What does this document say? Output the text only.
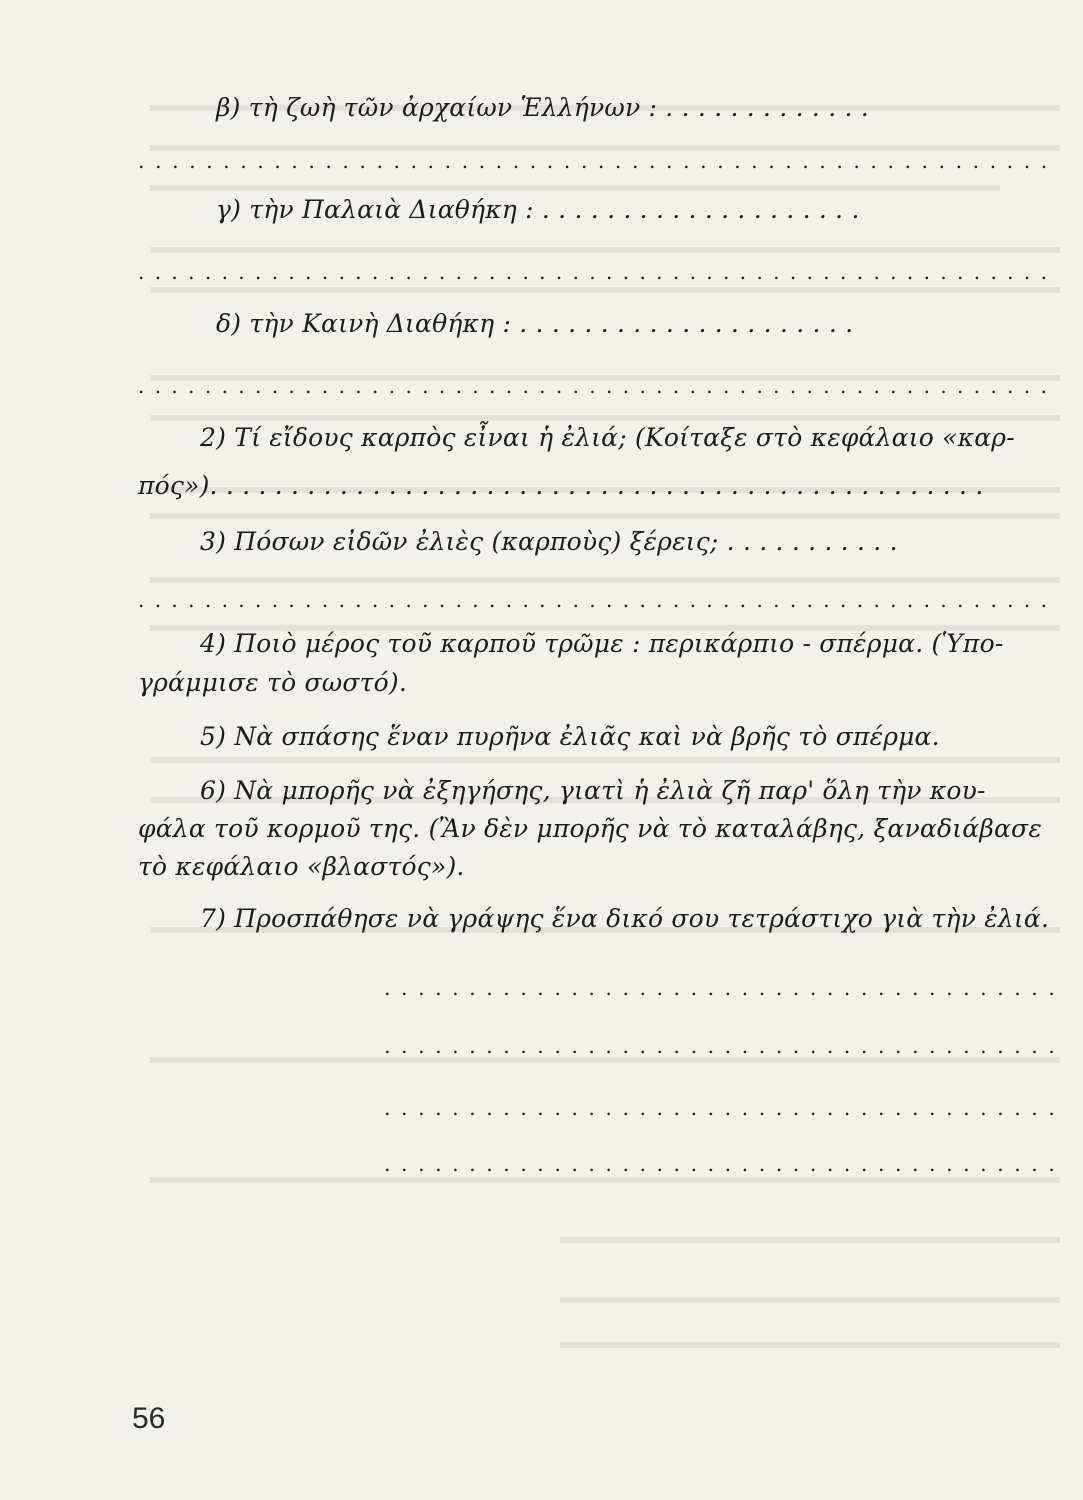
β) τὴ ζωὴ τῶν ἀρχαίων Ἑλλήνων : . . . . . . . . . . . . .
. . . . . . . . . . . . . . . . . . . . . . . . . . . . . . . . . . . . . . . . . . . . . . . . . . . . . .
γ) τὴν Παλαιὰ Διαθήκη : . . . . . . . . . . . . . . . . . . . .
. . . . . . . . . . . . . . . . . . . . . . . . . . . . . . . . . . . . . . . . . . . . . . . . . . . . . . .
δ) τὴν Καινὴ Διαθήκη : . . . . . . . . . . . . . . . . . . . . .
. . . . . . . . . . . . . . . . . . . . . . . . . . . . . . . . . . . . . . . . . . . . . . . . . . . . . . .
2) Τί εἴδους καρπὸς εἶναι ἡ ἐλιά; (Κοίταξε στὸ κεφάλαιο «καρ-
πός»). . . . . . . . . . . . . . . . . . . . . . . . . . . . . . . . . . . . . . . . . . . . . . . .
3) Πόσων εἰδῶν ἐλιὲς (καρποὺς) ξέρεις; . . . . . . . . . . .
. . . . . . . . . . . . . . . . . . . . . . . . . . . . . . . . . . . . . . . . . . . . . . . . . . . . . . .
4) Ποιὸ μέρος τοῦ καρποῦ τρῶμε : περικάρπιο - σπέρμα. (Ὑπο-
γράμμισε τὸ σωστό).
5) Νὰ σπάσης ἕναν πυρῆνα ἐλιᾶς καὶ νὰ βρῆς τὸ σπέρμα.
6) Νὰ μπορῆς νὰ ἐξηγήσης, γιατὶ ἡ ἐλιὰ ζῆ παρ' ὅλη τὴν κου-
φάλα τοῦ κορμοῦ της. (Ἂν δὲν μπορῆς νὰ τὸ καταλάβης, ξαναδιάβασε
τὸ κεφάλαιο «βλαστός»).
7) Προσπάθησε νὰ γράψης ἕνα δικό σου τετράστιχο γιὰ τὴν ἐλιά.
. . . . . . . . . . . . . . . . . . . . . . . . . . . . . . . . . . . . . . . .
. . . . . . . . . . . . . . . . . . . . . . . . . . . . . . . . . . . . . . . .
. . . . . . . . . . . . . . . . . . . . . . . . . . . . . . . . . . . . . . . .
. . . . . . . . . . . . . . . . . . . . . . . . . . . . . . . . . . . . . . . .
56
